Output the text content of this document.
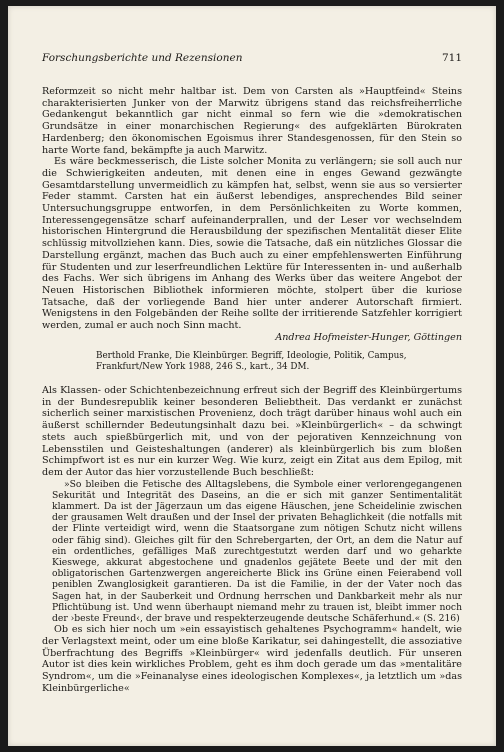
Forschungsberichte und Rezensionen	711

Reformzeit so nicht mehr haltbar ist. Dem von Carsten als »Hauptfeind« Steins charakterisierten Junker von der Marwitz übrigens stand das reichsfreiherrliche Gedankengut bekanntlich gar nicht einmal so fern wie die »demokratischen Grundsätze in einer monarchischen Regierung« des aufgeklärten Bürokraten Hardenberg; den ökonomischen Egoismus ihrer Standesgenossen, für den Stein so harte Worte fand, bekämpfte ja auch Marwitz.

Es wäre beckmesserisch, die Liste solcher Monita zu verlängern; sie soll auch nur die Schwierigkeiten andeuten, mit denen eine in enges Gewand gezwängte Gesamtdarstellung unvermeidlich zu kämpfen hat, selbst, wenn sie aus so versierter Feder stammt. Carsten hat ein äußerst lebendiges, ansprechendes Bild seiner Untersuchungsgruppe entworfen, in dem Persönlichkeiten zu Worte kommen, Interessengegensätze scharf aufeinanderprallen, und der Leser vor wechselndem historischen Hintergrund die Herausbildung der spezifischen Mentalität dieser Elite schlüssig mitvollziehen kann. Dies, sowie die Tatsache, daß ein nützliches Glossar die Darstellung ergänzt, machen das Buch auch zu einer empfehlenswerten Einführung für Studenten und zur leserfreundlichen Lektüre für Interessenten in- und außerhalb des Fachs. Wer sich übrigens im Anhang des Werks über das weitere Angebot der Neuen Historischen Bibliothek informieren möchte, stolpert über die kuriose Tatsache, daß der vorliegende Band hier unter anderer Autorschaft firmiert. Wenigstens in den Folgebänden der Reihe sollte der irritierende Satzfehler korrigiert werden, zumal er auch noch Sinn macht.

Andrea Hofmeister-Hunger, Göttingen
Berthold Franke, Die Kleinbürger. Begriff, Ideologie, Politik, Campus, Frankfurt/New York 1988, 246 S., kart., 34 DM.

Als Klassen- oder Schichtenbezeichnung erfreut sich der Begriff des Kleinbürgertums in der Bundesrepublik keiner besonderen Beliebtheit. Das verdankt er zunächst sicherlich seiner marxistischen Provenienz, doch trägt darüber hinaus wohl auch ein äußerst schillernder Bedeutungsinhalt dazu bei. »Kleinbürgerlich« – da schwingt stets auch spießbürgerlich mit, und von der pejorativen Kennzeichnung von Lebensstilen und Geisteshaltungen (anderer) als kleinbürgerlich bis zum bloßen Schimpfwort ist es nur ein kurzer Weg. Wie kurz, zeigt ein Zitat aus dem Epilog, mit dem der Autor das hier vorzustellende Buch beschließt:

»So bleiben die Fetische des Alltagslebens, die Symbole einer verlorengegangenen Sekurität und Integrität des Daseins, an die er sich mit ganzer Sentimentalität klammert. Da ist der Jägerzaun um das eigene Häuschen, jene Scheidelinie zwischen der grausamen Welt draußen und der Insel der privaten Behaglichkeit (die notfalls mit der Flinte verteidigt wird, wenn die Staatsorgane zum nötigen Schutz nicht willens oder fähig sind). Gleiches gilt für den Schrebergarten, der Ort, an dem die Natur auf ein ordentliches, gefälliges Maß zurechtgestutzt werden darf und wo geharkte Kieswege, akkurat abgestochene und gnadenlos gejätete Beete und der mit den obligatorischen Gartenzwergen angereicherte Blick ins Grüne einen Feierabend voll peniblen Zwanglosigkeit garantieren. Da ist die Familie, in der der Vater noch das Sagen hat, in der Sauberkeit und Ordnung herrschen und Dankbarkeit mehr als nur Pflichtübung ist. Und wenn überhaupt niemand mehr zu trauen ist, bleibt immer noch der ›beste Freund‹, der brave und respekterzeugende deutsche Schäferhund.« (S. 216)

Ob es sich hier noch um »ein essayistisch gehaltenes Psychogramm« handelt, wie der Verlagstext meint, oder um eine bloße Karikatur, sei dahingestellt, die assoziative Überfrachtung des Begriffs »Kleinbürger« wird jedenfalls deutlich. Für unseren Autor ist dies kein wirkliches Problem, geht es ihm doch gerade um das »mentalitäre Syndrom«, um die »Feinanalyse eines ideologischen Komplexes«, ja letztlich um »das Kleinbürgerliche«
